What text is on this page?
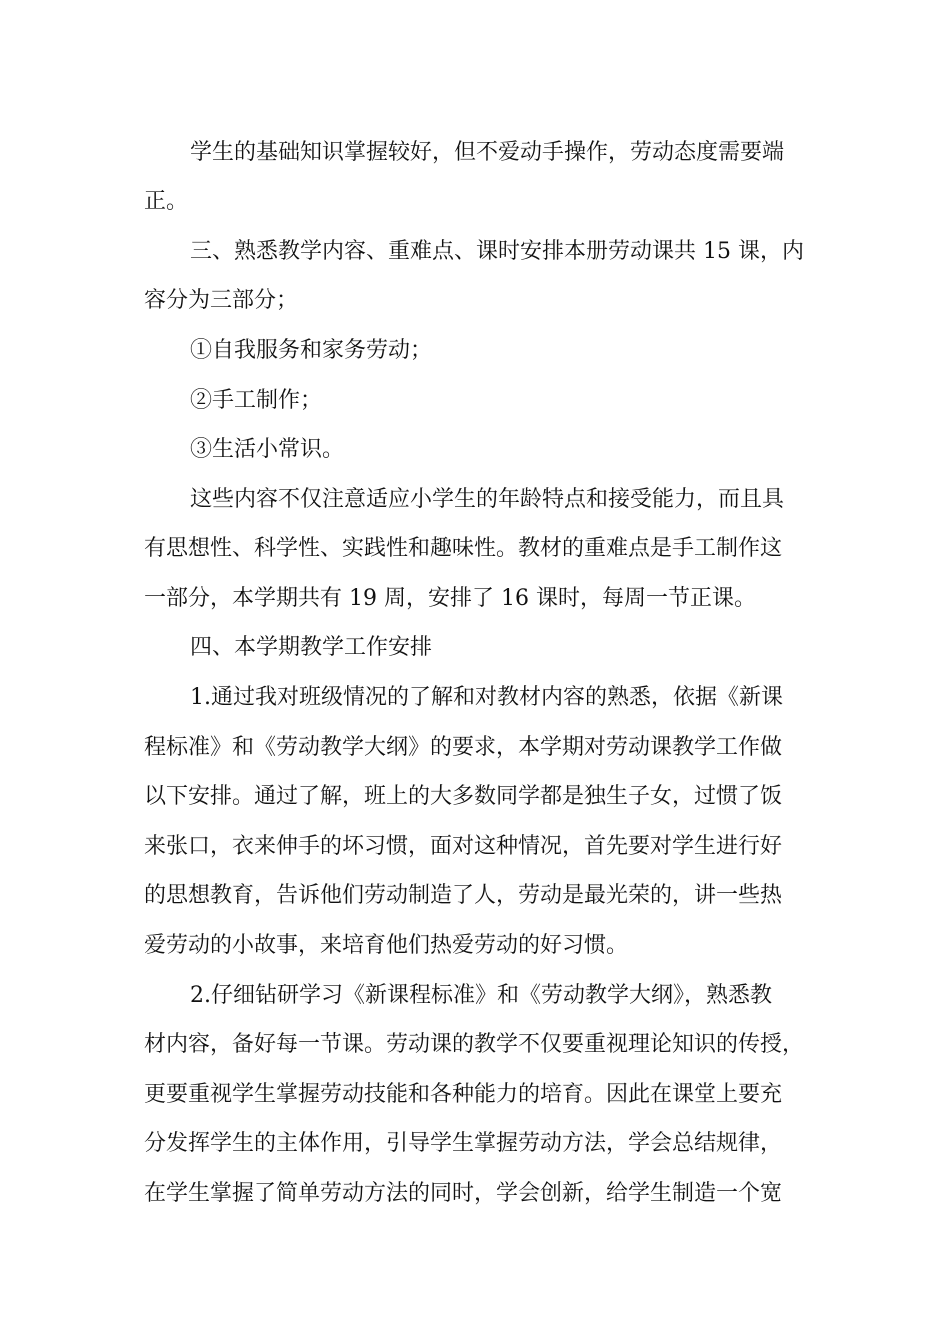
学生的基础知识掌握较好，但不爱动手操作，劳动态度需要端
正。
三、熟悉教学内容、重难点、课时安排本册劳动课共 15 课，内
容分为三部分；
①自我服务和家务劳动；
②手工制作；
③生活小常识。
这些内容不仅注意适应小学生的年龄特点和接受能力，而且具
有思想性、科学性、实践性和趣味性。教材的重难点是手工制作这
一部分，本学期共有 19 周，安排了 16 课时，每周一节正课。
四、本学期教学工作安排
1.通过我对班级情况的了解和对教材内容的熟悉，依据《新课
程标准》和《劳动教学大纲》的要求，本学期对劳动课教学工作做
以下安排。通过了解，班上的大多数同学都是独生子女，过惯了饭
来张口，衣来伸手的坏习惯，面对这种情况，首先要对学生进行好
的思想教育，告诉他们劳动制造了人，劳动是最光荣的，讲一些热
爱劳动的小故事，来培育他们热爱劳动的好习惯。
2.仔细钻研学习《新课程标准》和《劳动教学大纲》，熟悉教
材内容，备好每一节课。劳动课的教学不仅要重视理论知识的传授，
更要重视学生掌握劳动技能和各种能力的培育。因此在课堂上要充
分发挥学生的主体作用，引导学生掌握劳动方法，学会总结规律，
在学生掌握了简单劳动方法的同时，学会创新，给学生制造一个宽
